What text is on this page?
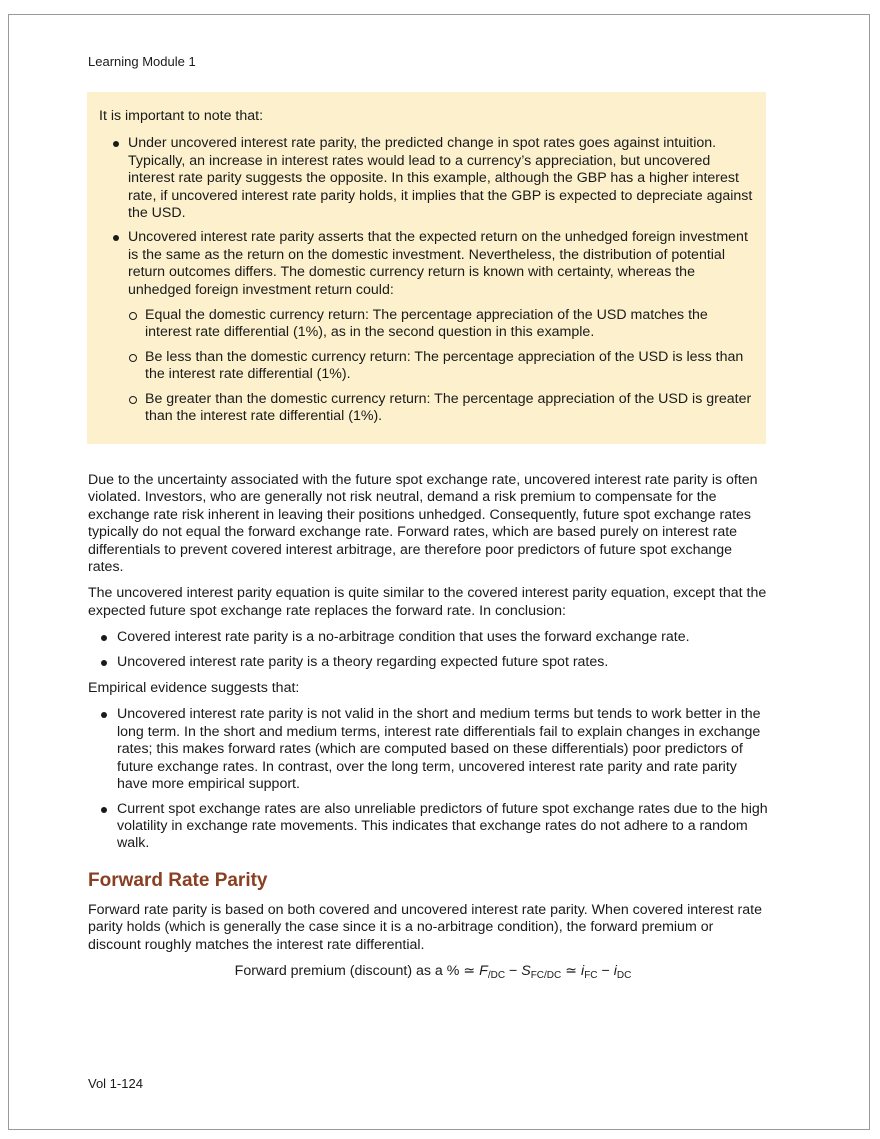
Learning Module 1

It is important to note that:

Under uncovered interest rate parity, the predicted change in spot rates goes against intuition. Typically, an increase in interest rates would lead to a currency’s appreciation, but uncovered interest rate parity suggests the opposite. In this example, although the GBP has a higher interest rate, if uncovered interest rate parity holds, it implies that the GBP is expected to depreciate against the USD.
Uncovered interest rate parity asserts that the expected return on the unhedged foreign investment is the same as the return on the domestic investment. Nevertheless, the distribution of potential return outcomes differs. The domestic currency return is known with certainty, whereas the unhedged foreign investment return could:
Equal the domestic currency return: The percentage appreciation of the USD matches the interest rate differential (1%), as in the second question in this example.
Be less than the domestic currency return: The percentage appreciation of the USD is less than the interest rate differential (1%).
Be greater than the domestic currency return: The percentage appreciation of the USD is greater than the interest rate differential (1%).

Due to the uncertainty associated with the future spot exchange rate, uncovered interest rate parity is often violated. Investors, who are generally not risk neutral, demand a risk premium to compensate for the exchange rate risk inherent in leaving their positions unhedged. Consequently, future spot exchange rates typically do not equal the forward exchange rate. Forward rates, which are based purely on interest rate differentials to prevent covered interest arbitrage, are therefore poor predictors of future spot exchange rates.

The uncovered interest parity equation is quite similar to the covered interest parity equation, except that the expected future spot exchange rate replaces the forward rate. In conclusion:

Covered interest rate parity is a no-arbitrage condition that uses the forward exchange rate.
Uncovered interest rate parity is a theory regarding expected future spot rates.

Empirical evidence suggests that:

Uncovered interest rate parity is not valid in the short and medium terms but tends to work better in the long term. In the short and medium terms, interest rate differentials fail to explain changes in exchange rates; this makes forward rates (which are computed based on these differentials) poor predictors of future exchange rates. In contrast, over the long term, uncovered interest rate parity and rate parity have more empirical support.
Current spot exchange rates are also unreliable predictors of future spot exchange rates due to the high volatility in exchange rate movements. This indicates that exchange rates do not adhere to a random walk.
Forward Rate Parity

Forward rate parity is based on both covered and uncovered interest rate parity. When covered interest rate parity holds (which is generally the case since it is a no-arbitrage condition), the forward premium or discount roughly matches the interest rate differential.

Forward premium (discount) as a % ≃ $F_{/DC} - S_{FC/DC}$ ≃ $i_{FC} - i_{DC}$
Vol 1-124
